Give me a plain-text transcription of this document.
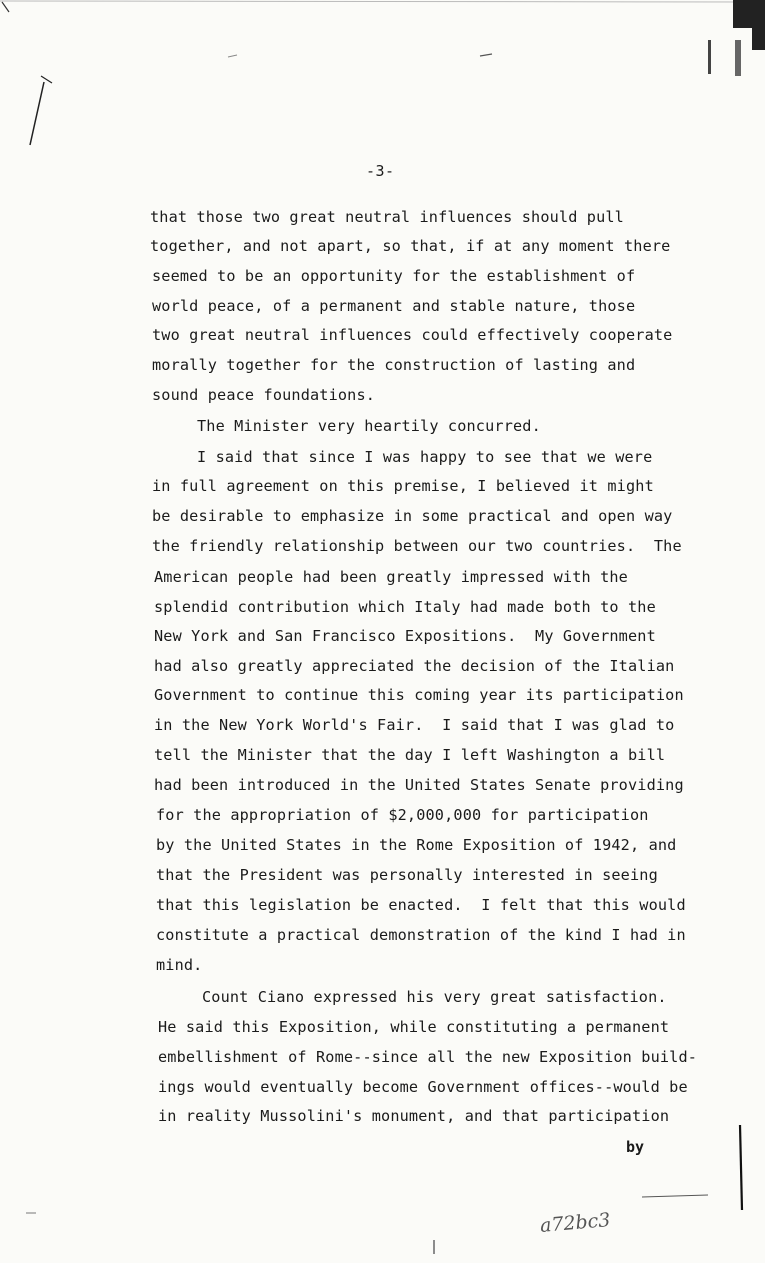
-3-
that those two great neutral influences should pull
together, and not apart, so that, if at any moment there
seemed to be an opportunity for the establishment of
world peace, of a permanent and stable nature, those
two great neutral influences could effectively cooperate
morally together for the construction of lasting and
sound peace foundations.
The Minister very heartily concurred.
I said that since I was happy to see that we were
in full agreement on this premise, I believed it might
be desirable to emphasize in some practical and open way
the friendly relationship between our two countries.  The
American people had been greatly impressed with the
splendid contribution which Italy had made both to the
New York and San Francisco Expositions.  My Government
had also greatly appreciated the decision of the Italian
Government to continue this coming year its participation
in the New York World's Fair.  I said that I was glad to
tell the Minister that the day I left Washington a bill
had been introduced in the United States Senate providing
for the appropriation of $2,000,000 for participation
by the United States in the Rome Exposition of 1942, and
that the President was personally interested in seeing
that this legislation be enacted.  I felt that this would
constitute a practical demonstration of the kind I had in
mind.
Count Ciano expressed his very great satisfaction.
He said this Exposition, while constituting a permanent
embellishment of Rome--since all the new Exposition build-
ings would eventually become Government offices--would be
in reality Mussolini's monument, and that participation
by
a72bc3
